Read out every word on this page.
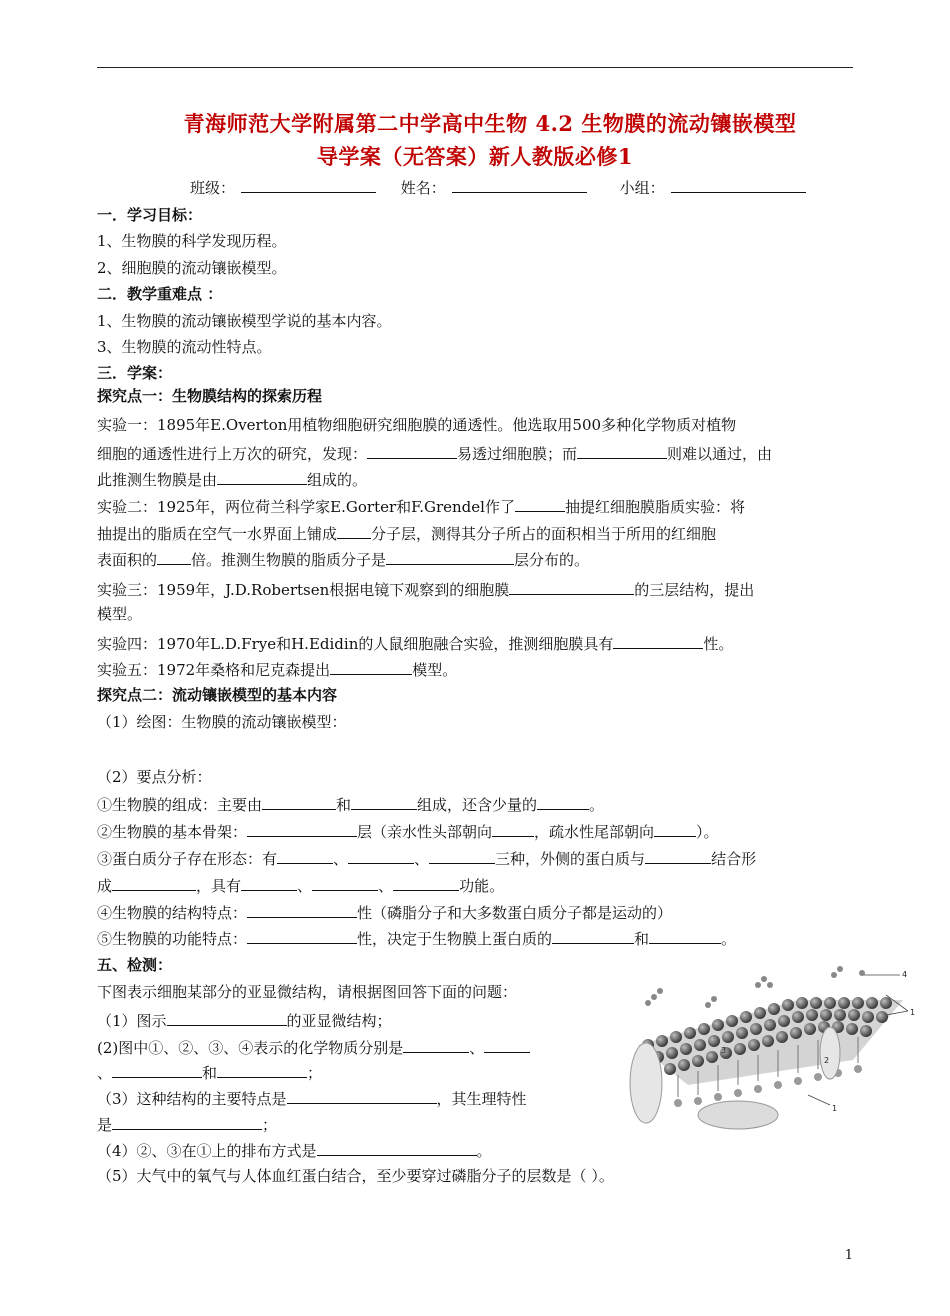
青海师范大学附属第二中学高中生物 4.2 生物膜的流动镶嵌模型
导学案（无答案）新人教版必修1
班级：	姓名：	小组：
一．学习目标：
1、生物膜的科学发现历程。
2、细胞膜的流动镶嵌模型。
二．教学重难点 ：
1、生物膜的流动镶嵌模型学说的基本内容。
3、生物膜的流动性特点。
三．学案：
探究点一：生物膜结构的探索历程
实验一：1895年E.Overton用植物细胞研究细胞膜的通透性。他选取用500多种化学物质对植物
细胞的通透性进行上万次的研究，发现：	易透过细胞膜；而	则难以通过，由
此推测生物膜是由	组成的。
实验二：1925年，两位荷兰科学家E.Gorter和F.Grendel作了	抽提红细胞膜脂质实验：将
抽提出的脂质在空气一水界面上铺成 分子层，测得其分子所占的面积相当于所用的红细胞
表面积的 倍。推测生物膜的脂质分子是	层分布的。
实验三：1959年，J.D.Robertsen根据电镜下观察到的细胞膜	的三层结构，提出
模型。
实验四：1970年L.D.Frye和H.Edidin的人鼠细胞融合实验，推测细胞膜具有	性。
实验五：1972年桑格和尼克森提出	模型。
探究点二：流动镶嵌模型的基本内容
（1）绘图：生物膜的流动镶嵌模型：
（2）要点分析：
①生物膜的组成：主要由	和	组成，还含少量的	。
②生物膜的基本骨架：	层（亲水性头部朝向	，疏水性尾部朝向	）。
③蛋白质分子存在形态：有	、	、	三种，外侧的蛋白质与	结合形
成	，具有	、	、	功能。
④生物膜的结构特点：	性（磷脂分子和大多数蛋白质分子都是运动的）
⑤生物膜的功能特点：	性，决定于生物膜上蛋白质的	和	。
五、检测：
下图表示细胞某部分的亚显微结构，请根据图回答下面的问题：
（1）图示	的亚显微结构；
(2)图中①、②、③、④表示的化学物质分别是	、
、	和	；
（3）这种结构的主要特点是	，其生理特性
是	；
（4）②、③在①上的排布方式是	。
（5）大气中的氧气与人体血红蛋白结合，至少要穿过磷脂分子的层数是（ ）。
4
1
2
3
1
1
